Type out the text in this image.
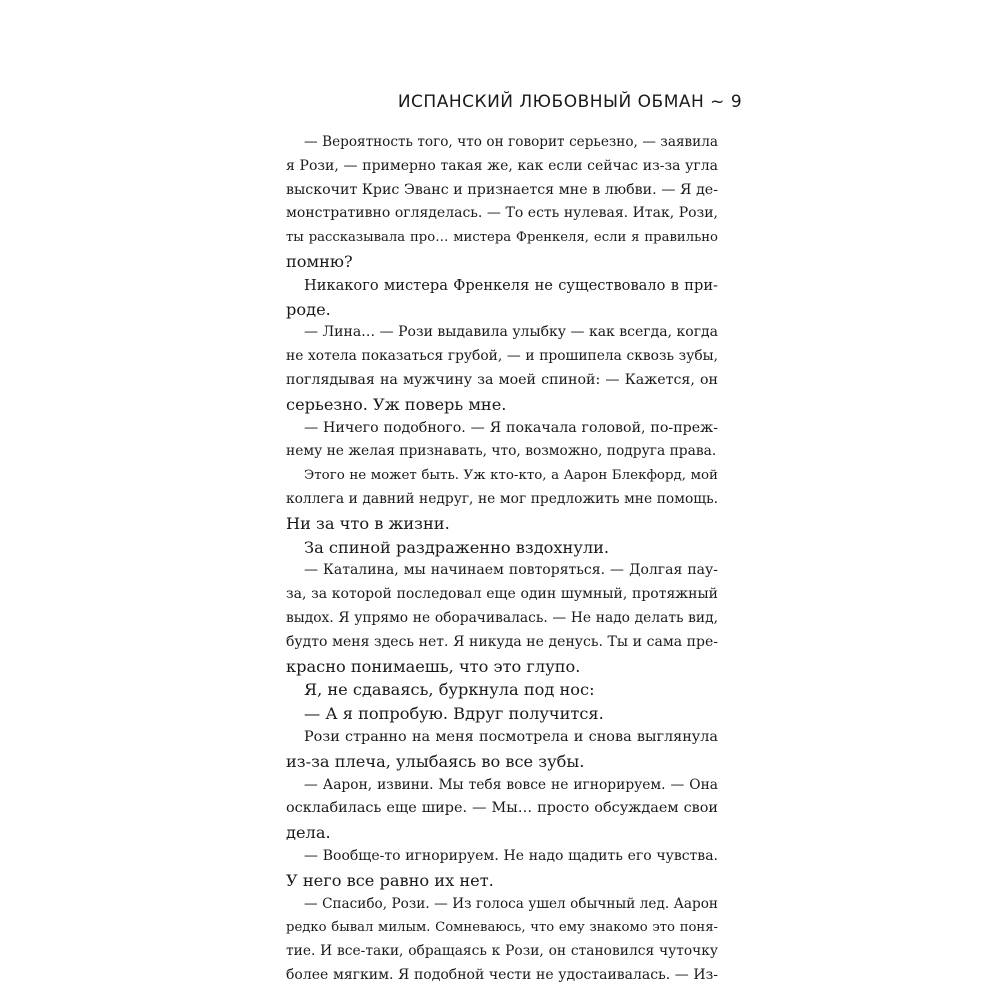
ИСПАНСКИЙ ЛЮБОВНЫЙ ОБМАН ~ 9
— Вероятность того, что он говорит серьезно, — заявила
я Рози, — примерно такая же, как если сейчас из-за угла
выскочит Крис Эванс и признается мне в любви. — Я де-
монстративно огляделась. — То есть нулевая. Итак, Рози,
ты рассказывала про… мистера Френкеля, если я правильно
помню?
Никакого мистера Френкеля не существовало в при-
роде.
— Лина… — Рози выдавила улыбку — как всегда, когда
не хотела показаться грубой, — и прошипела сквозь зубы,
поглядывая на мужчину за моей спиной: — Кажется, он
серьезно. Уж поверь мне.
— Ничего подобного. — Я покачала головой, по-преж-
нему не желая признавать, что, возможно, подруга права.
Этого не может быть. Уж кто-кто, а Аарон Блекфорд, мой
коллега и давний недруг, не мог предложить мне помощь.
Ни за что в жизни.
За спиной раздраженно вздохнули.
— Каталина, мы начинаем повторяться. — Долгая пау-
за, за которой последовал еще один шумный, протяжный
выдох. Я упрямо не оборачивалась. — Не надо делать вид,
будто меня здесь нет. Я никуда не денусь. Ты и сама пре-
красно понимаешь, что это глупо.
Я, не сдаваясь, буркнула под нос:
— А я попробую. Вдруг получится.
Рози странно на меня посмотрела и снова выглянула
из-за плеча, улыбаясь во все зубы.
— Аарон, извини. Мы тебя вовсе не игнорируем. — Она
осклабилась еще шире. — Мы… просто обсуждаем свои
дела.
— Вообще-то игнорируем. Не надо щадить его чувства.
У него все равно их нет.
— Спасибо, Рози. — Из голоса ушел обычный лед. Аарон
редко бывал милым. Сомневаюсь, что ему знакомо это поня-
тие. И все-таки, обращаясь к Рози, он становился чуточку
более мягким. Я подобной чести не удостаивалась. — Из-
